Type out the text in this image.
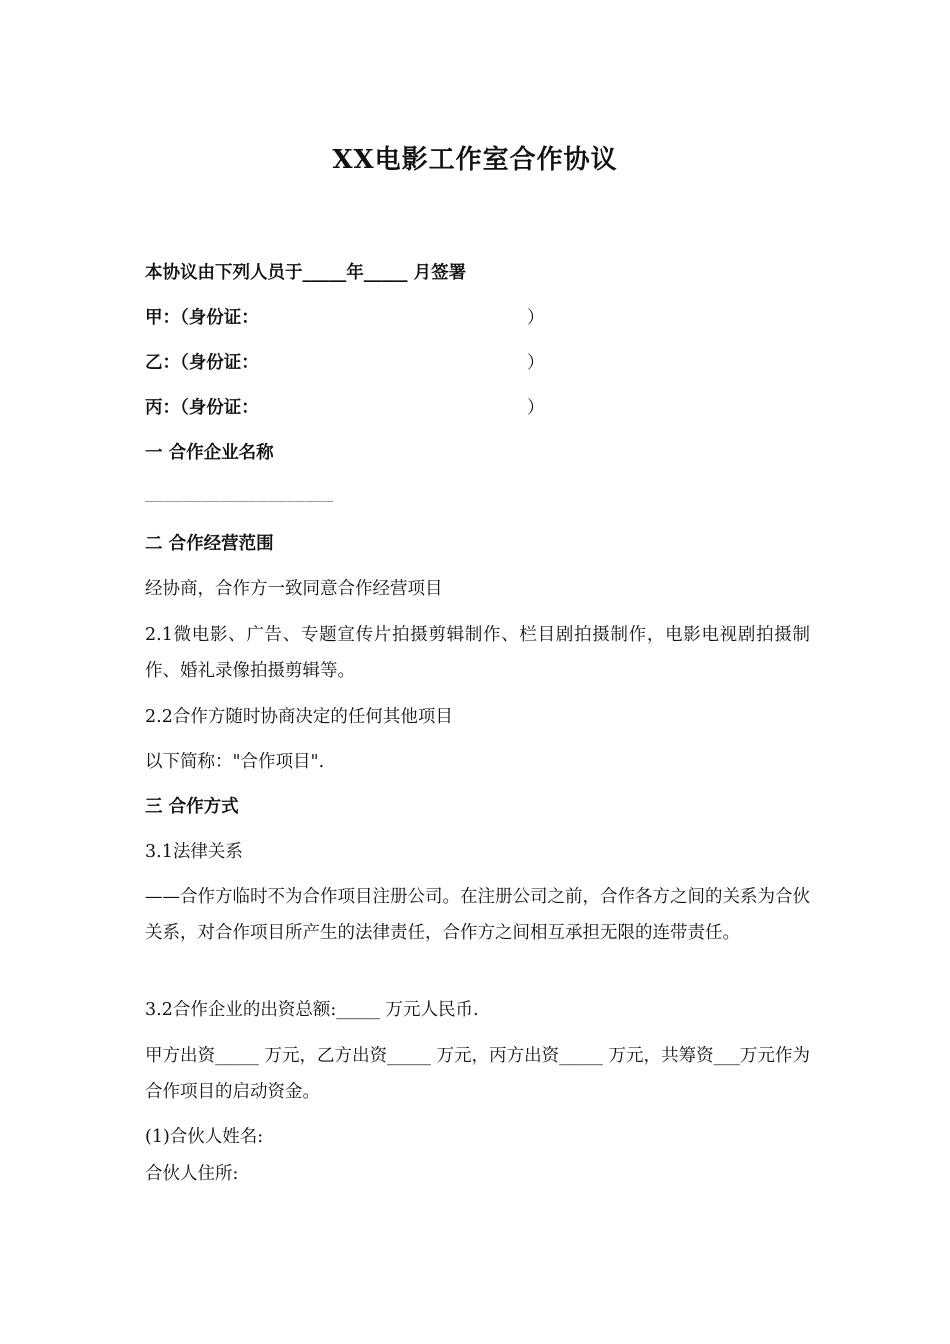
XX电影工作室合作协议
本协议由下列人员于_____年_____ 月签署
甲：（身份证：	）
乙：（身份证：	）
丙：（身份证：	）
一 合作企业名称
____________________
二 合作经营范围
经协商，合作方一致同意合作经营项目
2.1微电影、广告、专题宣传片拍摄剪辑制作、栏目剧拍摄制作，电影电视剧拍摄制作、婚礼录像拍摄剪辑等。
2.2合作方随时协商决定的任何其他项目
以下简称："合作项目".
三 合作方式
3.1法律关系
——合作方临时不为合作项目注册公司。在注册公司之前，合作各方之间的关系为合伙关系，对合作项目所产生的法律责任，合作方之间相互承担无限的连带责任。
3.2合作企业的出资总额:_____ 万元人民币.
甲方出资_____ 万元，乙方出资_____ 万元，丙方出资_____ 万元，共筹资___万元作为合作项目的启动资金。
(1)合伙人姓名:
合伙人住所:
